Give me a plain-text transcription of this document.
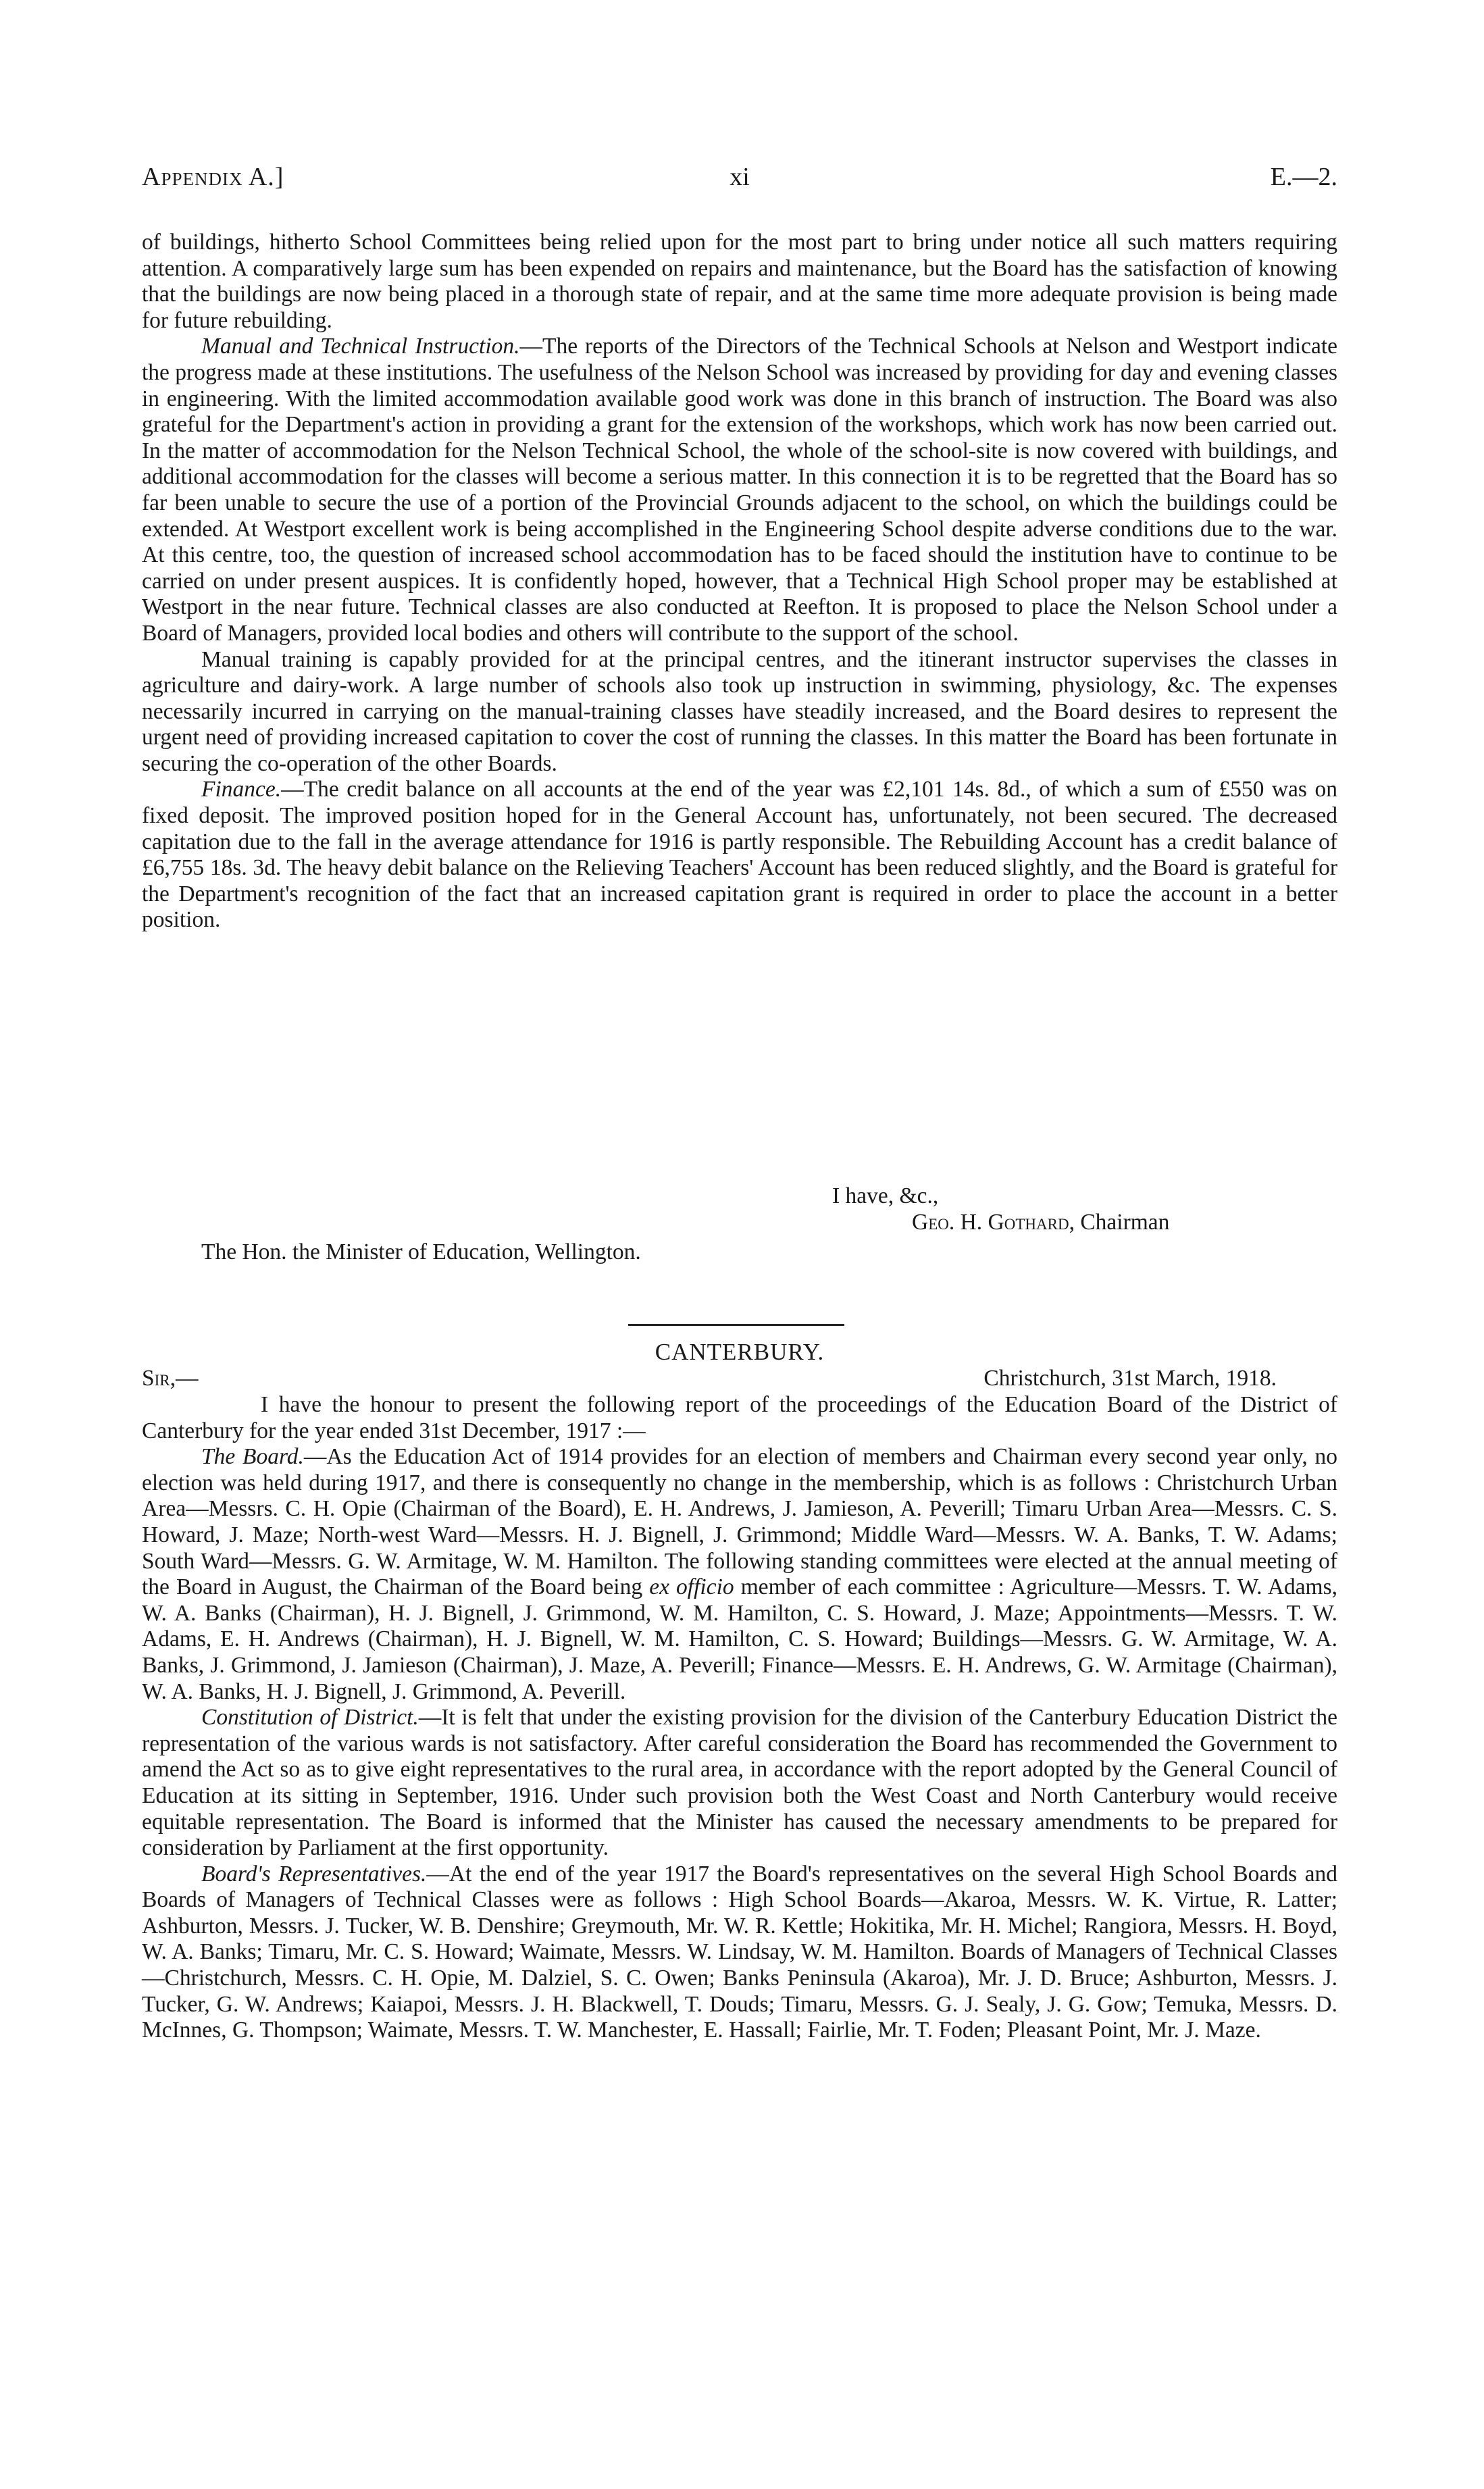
Appendix A.]	xi	E.—2.

of buildings, hitherto School Committees being relied upon for the most part to bring under notice all such matters requiring attention. A comparatively large sum has been expended on repairs and maintenance, but the Board has the satisfaction of knowing that the buildings are now being placed in a thorough state of repair, and at the same time more adequate provision is being made for future rebuilding.

Manual and Technical Instruction.—The reports of the Directors of the Technical Schools at Nelson and Westport indicate the progress made at these institutions. The usefulness of the Nelson School was increased by providing for day and evening classes in engineering. With the limited accommodation available good work was done in this branch of instruction. The Board was also grateful for the Department's action in providing a grant for the extension of the workshops, which work has now been carried out. In the matter of accommodation for the Nelson Technical School, the whole of the school-site is now covered with buildings, and additional accommodation for the classes will become a serious matter. In this connection it is to be regretted that the Board has so far been unable to secure the use of a portion of the Provincial Grounds adjacent to the school, on which the buildings could be extended. At Westport excellent work is being accomplished in the Engineering School despite adverse conditions due to the war. At this centre, too, the question of increased school accommodation has to be faced should the institution have to continue to be carried on under present auspices. It is confidently hoped, however, that a Technical High School proper may be established at Westport in the near future. Technical classes are also conducted at Reefton. It is proposed to place the Nelson School under a Board of Managers, provided local bodies and others will contribute to the support of the school.

Manual training is capably provided for at the principal centres, and the itinerant instructor supervises the classes in agriculture and dairy-work. A large number of schools also took up instruction in swimming, physiology, &c. The expenses necessarily incurred in carrying on the manual-training classes have steadily increased, and the Board desires to represent the urgent need of providing increased capitation to cover the cost of running the classes. In this matter the Board has been fortunate in securing the co-operation of the other Boards.

Finance.—The credit balance on all accounts at the end of the year was £2,101 14s. 8d., of which a sum of £550 was on fixed deposit. The improved position hoped for in the General Account has, unfortunately, not been secured. The decreased capitation due to the fall in the average attendance for 1916 is partly responsible. The Rebuilding Account has a credit balance of £6,755 18s. 3d. The heavy debit balance on the Relieving Teachers' Account has been reduced slightly, and the Board is grateful for the Department's recognition of the fact that an increased capitation grant is required in order to place the account in a better position.

I have, &c.,
Geo. H. Gothard, Chairman
The Hon. the Minister of Education, Wellington.
CANTERBURY.
Sir,—	Christchurch, 31st March, 1918.

I have the honour to present the following report of the proceedings of the Education Board of the District of Canterbury for the year ended 31st December, 1917 :—

The Board.—As the Education Act of 1914 provides for an election of members and Chairman every second year only, no election was held during 1917, and there is consequently no change in the membership, which is as follows : Christchurch Urban Area—Messrs. C. H. Opie (Chairman of the Board), E. H. Andrews, J. Jamieson, A. Peverill; Timaru Urban Area—Messrs. C. S. Howard, J. Maze; North-west Ward—Messrs. H. J. Bignell, J. Grimmond; Middle Ward—Messrs. W. A. Banks, T. W. Adams; South Ward—Messrs. G. W. Armitage, W. M. Hamilton. The following standing committees were elected at the annual meeting of the Board in August, the Chairman of the Board being ex officio member of each committee : Agriculture—Messrs. T. W. Adams, W. A. Banks (Chairman), H. J. Bignell, J. Grimmond, W. M. Hamilton, C. S. Howard, J. Maze; Appointments—Messrs. T. W. Adams, E. H. Andrews (Chairman), H. J. Bignell, W. M. Hamilton, C. S. Howard; Buildings—Messrs. G. W. Armitage, W. A. Banks, J. Grimmond, J. Jamieson (Chairman), J. Maze, A. Peverill; Finance—Messrs. E. H. Andrews, G. W. Armitage (Chairman), W. A. Banks, H. J. Bignell, J. Grimmond, A. Peverill.

Constitution of District.—It is felt that under the existing provision for the division of the Canterbury Education District the representation of the various wards is not satisfactory. After careful consideration the Board has recommended the Government to amend the Act so as to give eight representatives to the rural area, in accordance with the report adopted by the General Council of Education at its sitting in September, 1916. Under such provision both the West Coast and North Canterbury would receive equitable representation. The Board is informed that the Minister has caused the necessary amendments to be prepared for consideration by Parliament at the first opportunity.

Board's Representatives.—At the end of the year 1917 the Board's representatives on the several High School Boards and Boards of Managers of Technical Classes were as follows : High School Boards—Akaroa, Messrs. W. K. Virtue, R. Latter; Ashburton, Messrs. J. Tucker, W. B. Denshire; Greymouth, Mr. W. R. Kettle; Hokitika, Mr. H. Michel; Rangiora, Messrs. H. Boyd, W. A. Banks; Timaru, Mr. C. S. Howard; Waimate, Messrs. W. Lindsay, W. M. Hamilton. Boards of Managers of Technical Classes—Christchurch, Messrs. C. H. Opie, M. Dalziel, S. C. Owen; Banks Peninsula (Akaroa), Mr. J. D. Bruce; Ashburton, Messrs. J. Tucker, G. W. Andrews; Kaiapoi, Messrs. J. H. Blackwell, T. Douds; Timaru, Messrs. G. J. Sealy, J. G. Gow; Temuka, Messrs. D. McInnes, G. Thompson; Waimate, Messrs. T. W. Manchester, E. Hassall; Fairlie, Mr. T. Foden; Pleasant Point, Mr. J. Maze.
